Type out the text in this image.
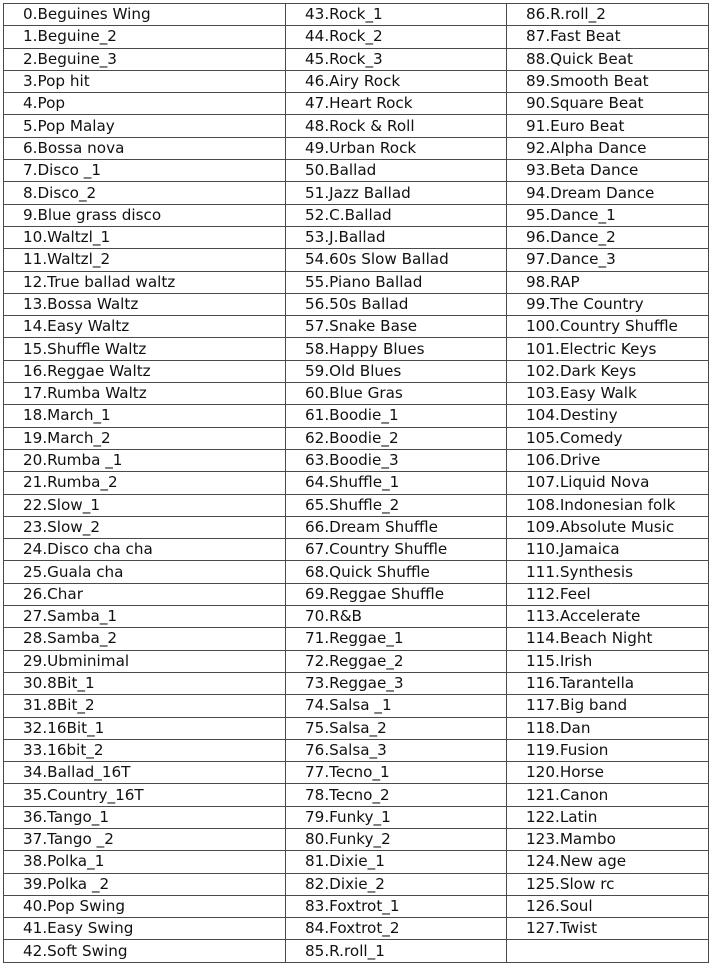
0.Beguines Wing	43.Rock_1	86.R.roll_2
1.Beguine_2	44.Rock_2	87.Fast Beat
2.Beguine_3	45.Rock_3	88.Quick Beat
3.Pop hit	46.Airy Rock	89.Smooth Beat
4.Pop	47.Heart Rock	90.Square Beat
5.Pop Malay	48.Rock & Roll	91.Euro Beat
6.Bossa nova	49.Urban Rock	92.Alpha Dance
7.Disco _1	50.Ballad	93.Beta Dance
8.Disco_2	51.Jazz Ballad	94.Dream Dance
9.Blue grass disco	52.C.Ballad	95.Dance_1
10.Waltzl_1	53.J.Ballad	96.Dance_2
11.Waltzl_2	54.60s Slow Ballad	97.Dance_3
12.True ballad waltz	55.Piano Ballad	98.RAP
13.Bossa Waltz	56.50s Ballad	99.The Country
14.Easy Waltz	57.Snake Base	100.Country Shuffle
15.Shuffle Waltz	58.Happy Blues	101.Electric Keys
16.Reggae Waltz	59.Old Blues	102.Dark Keys
17.Rumba Waltz	60.Blue Gras	103.Easy Walk
18.March_1	61.Boodie_1	104.Destiny
19.March_2	62.Boodie_2	105.Comedy
20.Rumba _1	63.Boodie_3	106.Drive
21.Rumba_2	64.Shuffle_1	107.Liquid Nova
22.Slow_1	65.Shuffle_2	108.Indonesian folk
23.Slow_2	66.Dream Shuffle	109.Absolute Music
24.Disco cha cha	67.Country Shuffle	110.Jamaica
25.Guala cha	68.Quick Shuffle	111.Synthesis
26.Char	69.Reggae Shuffle	112.Feel
27.Samba_1	70.R&B	113.Accelerate
28.Samba_2	71.Reggae_1	114.Beach Night
29.Ubminimal	72.Reggae_2	115.Irish
30.8Bit_1	73.Reggae_3	116.Tarantella
31.8Bit_2	74.Salsa _1	117.Big band
32.16Bit_1	75.Salsa_2	118.Dan
33.16bit_2	76.Salsa_3	119.Fusion
34.Ballad_16T	77.Tecno_1	120.Horse
35.Country_16T	78.Tecno_2	121.Canon
36.Tango_1	79.Funky_1	122.Latin
37.Tango _2	80.Funky_2	123.Mambo
38.Polka_1	81.Dixie_1	124.New age
39.Polka _2	82.Dixie_2	125.Slow rc
40.Pop Swing	83.Foxtrot_1	126.Soul
41.Easy Swing	84.Foxtrot_2	127.Twist
42.Soft Swing	85.R.roll_1	
